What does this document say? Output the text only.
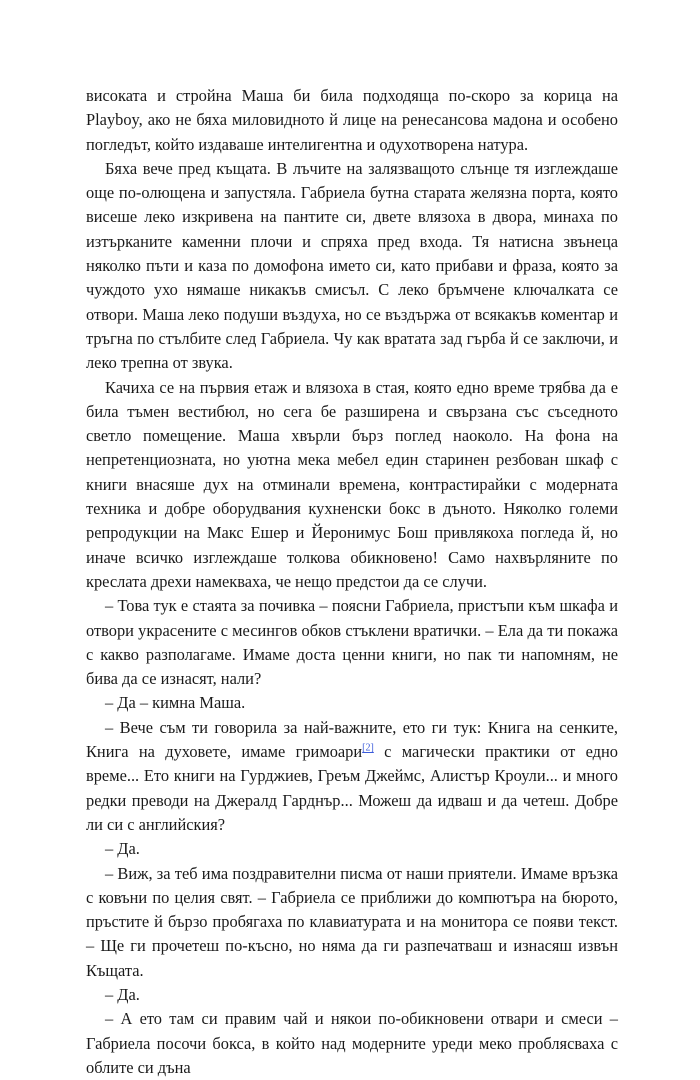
високата и стройна Маша би била подходяща по-скоро за корица на Playboy, ако не бяха миловидното й лице на ренесансова мадона и особено погледът, който издаваше интелигентна и одухотворена натура.

Бяха вече пред къщата. В лъчите на залязващото слънце тя изглеждаше още по-олющена и запустяла. Габриела бутна старата желязна порта, която висеше леко изкривена на пантите си, двете влязоха в двора, минаха по изтърканите каменни плочи и спряха пред входа. Тя натисна звънеца няколко пъти и каза по домофона името си, като прибави и фраза, която за чуждото ухо нямаше никакъв смисъл. С леко бръмчене ключалката се отвори. Маша леко подуши въздуха, но се въздържа от всякакъв коментар и тръгна по стълбите след Габриела. Чу как вратата зад гърба й се заключи, и леко трепна от звука.

Качиха се на първия етаж и влязоха в стая, която едно време трябва да е била тъмен вестибюл, но сега бе разширена и свързана със съседното светло помещение. Маша хвърли бърз поглед наоколо. На фона на непретенциозната, но уютна мека мебел един старинен резбован шкаф с книги внасяше дух на отминали времена, контрастирайки с модерната техника и добре оборудвания кухненски бокс в дъното. Няколко големи репродукции на Макс Ешер и Йеронимус Бош привлякоха погледа й, но иначе всичко изглеждаше толкова обикновено! Само нахвърляните по креслата дрехи намекваха, че нещо предстои да се случи.

– Това тук е стаята за почивка – поясни Габриела, пристъпи към шкафа и отвори украсените с месингов обков стъклени вратички. – Ела да ти покажа с какво разполагаме. Имаме доста ценни книги, но пак ти напомням, не бива да се изнасят, нали?

– Да – кимна Маша.

– Вече съм ти говорила за най-важните, ето ги тук: Книга на сенките, Книга на духовете, имаме гримоари[2] с магически практики от едно време... Ето книги на Гурджиев, Греъм Джеймс, Алистър Кроули... и много редки преводи на Джералд Гарднър... Можеш да идваш и да четеш. Добре ли си с английския?

– Да.

– Виж, за теб има поздравителни писма от наши приятели. Имаме връзка с ковъни по целия свят. – Габриела се приближи до компютъра на бюрото, пръстите й бързо пробягаха по клавиатурата и на монитора се появи текст. – Ще ги прочетеш по-късно, но няма да ги разпечатваш и изнасяш извън Къщата.

– Да.

– А ето там си правим чай и някои по-обикновени отвари и смеси – Габриела посочи бокса, в който над модерните уреди меко проблясваха с облите си дъна
